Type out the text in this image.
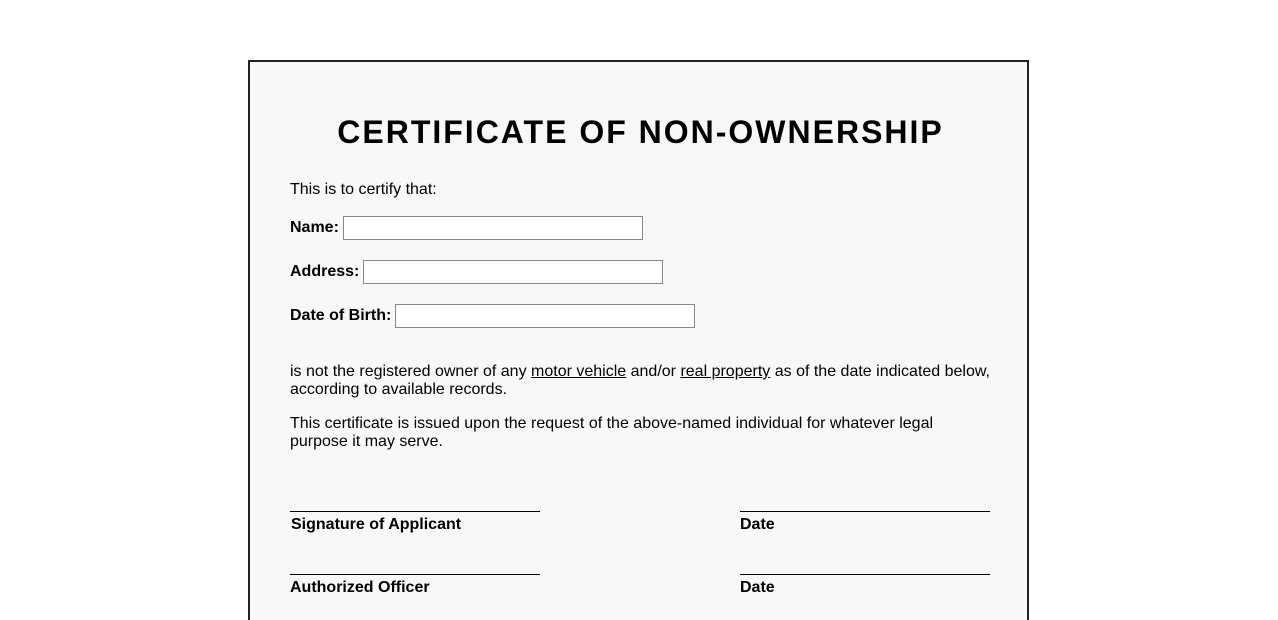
CERTIFICATE OF NON-OWNERSHIP
This is to certify that:
Name:
Address:
Date of Birth:

is not the registered owner of any motor vehicle and/or real property as of the date indicated below, according to available records.

This certificate is issued upon the request of the above-named individual for whatever legal purpose it may serve.

Signature of Applicant	Date
Authorized Officer	Date
